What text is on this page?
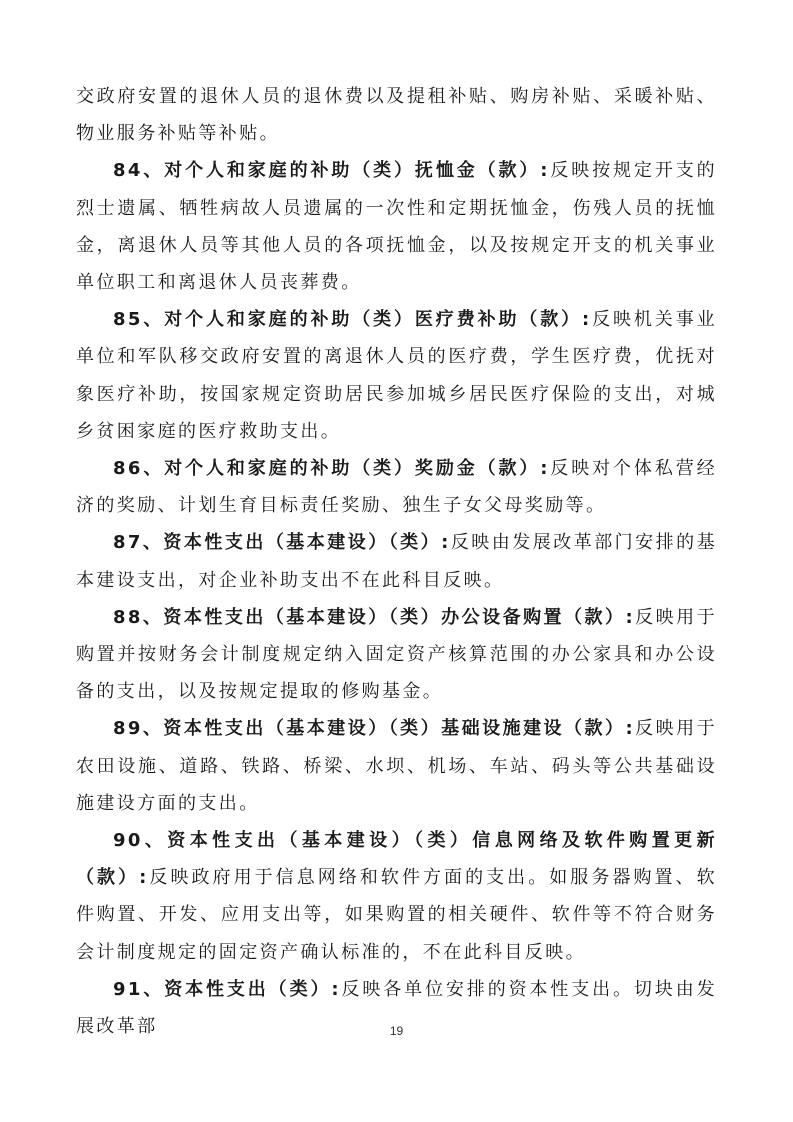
交政府安置的退休人员的退休费以及提租补贴、购房补贴、采暖补贴、物业服务补贴等补贴。

84、对个人和家庭的补助（类）抚恤金（款）:反映按规定开支的烈士遗属、牺牲病故人员遗属的一次性和定期抚恤金，伤残人员的抚恤金，离退休人员等其他人员的各项抚恤金，以及按规定开支的机关事业单位职工和离退休人员丧葬费。

85、对个人和家庭的补助（类）医疗费补助（款）:反映机关事业单位和军队移交政府安置的离退休人员的医疗费，学生医疗费，优抚对象医疗补助，按国家规定资助居民参加城乡居民医疗保险的支出，对城乡贫困家庭的医疗救助支出。

86、对个人和家庭的补助（类）奖励金（款）:反映对个体私营经济的奖励、计划生育目标责任奖励、独生子女父母奖励等。

87、资本性支出（基本建设）（类）:反映由发展改革部门安排的基本建设支出，对企业补助支出不在此科目反映。

88、资本性支出（基本建设）（类）办公设备购置（款）:反映用于购置并按财务会计制度规定纳入固定资产核算范围的办公家具和办公设备的支出，以及按规定提取的修购基金。

89、资本性支出（基本建设）（类）基础设施建设（款）:反映用于农田设施、道路、铁路、桥梁、水坝、机场、车站、码头等公共基础设施建设方面的支出。

90、资本性支出（基本建设）（类）信息网络及软件购置更新（款）:反映政府用于信息网络和软件方面的支出。如服务器购置、软件购置、开发、应用支出等，如果购置的相关硬件、软件等不符合财务会计制度规定的固定资产确认标准的，不在此科目反映。

91、资本性支出（类）:反映各单位安排的资本性支出。切块由发展改革部	19
